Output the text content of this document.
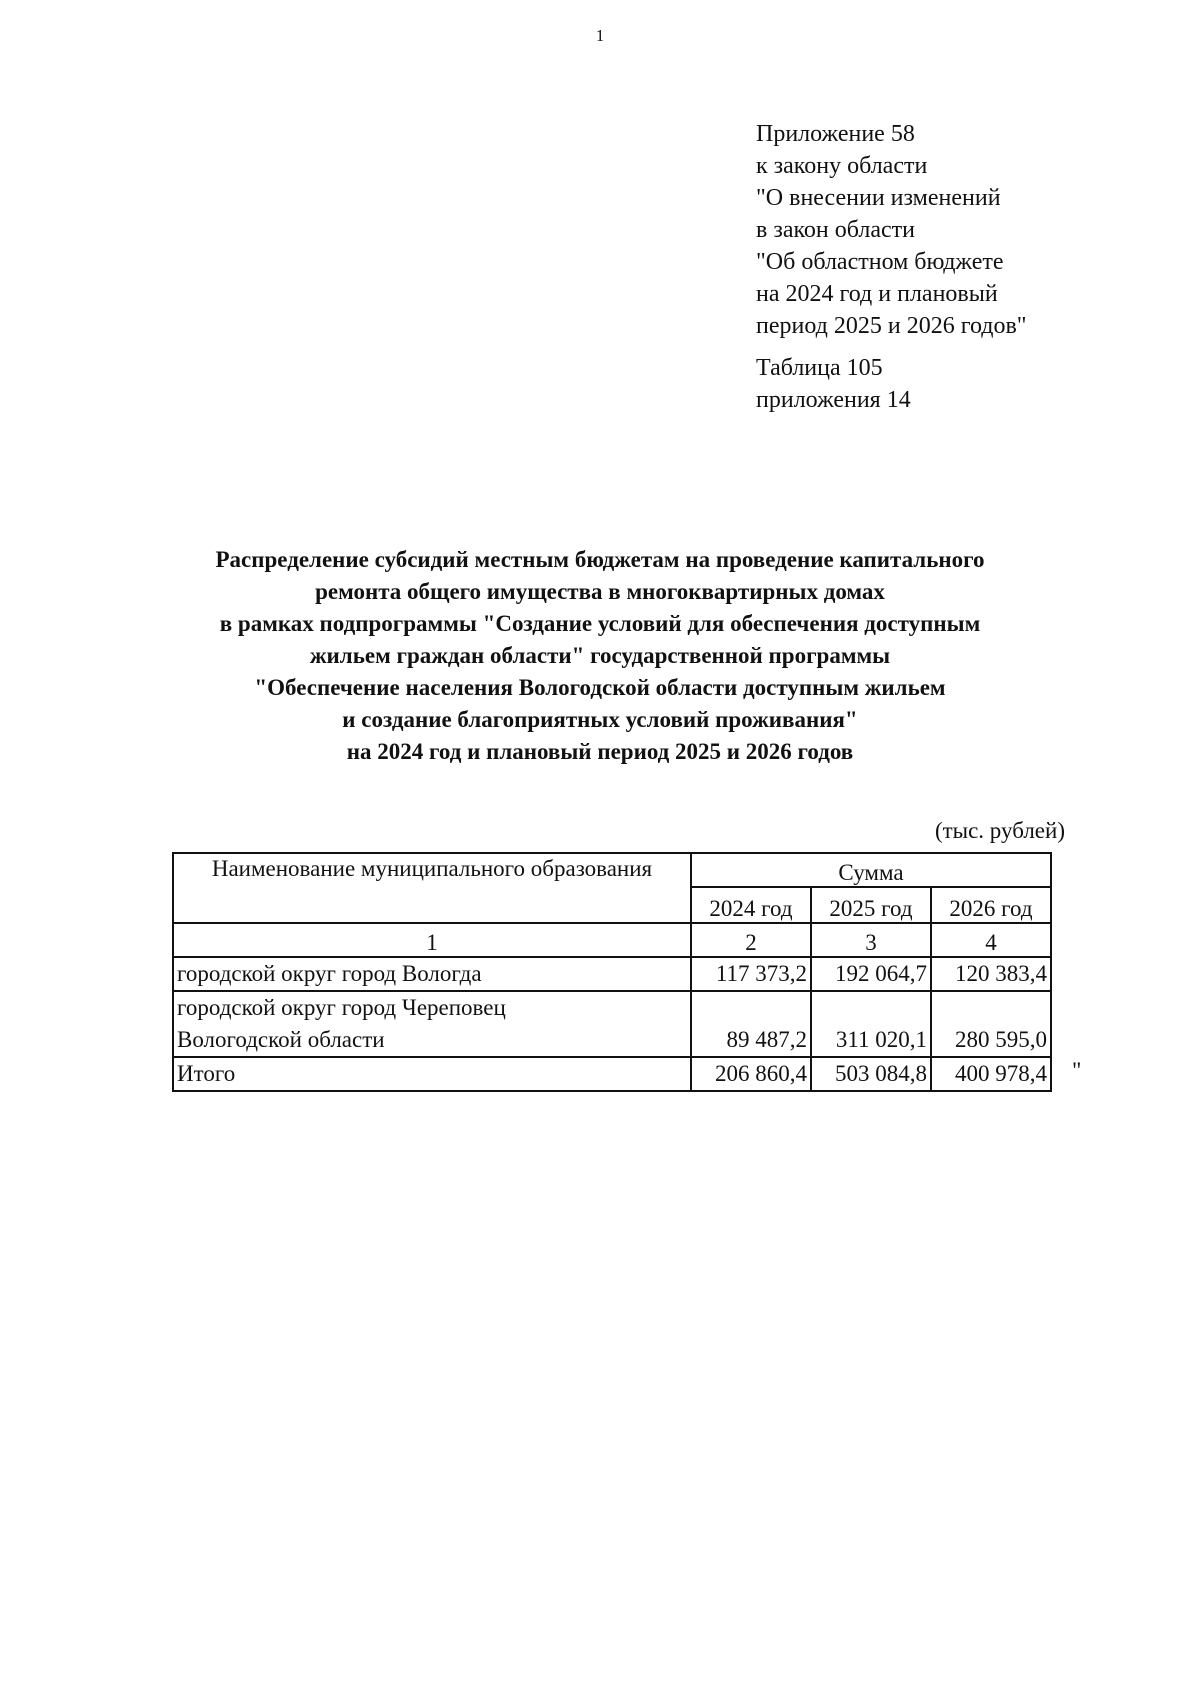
1
Приложение 58
к закону области
"О внесении изменений
в закон области
"Об областном бюджете
на 2024 год и плановый
период 2025 и 2026 годов"
Таблица 105
приложения 14
Распределение субсидий местным бюджетам на проведение капитального
ремонта общего имущества в многоквартирных домах
в рамках подпрограммы "Создание условий для обеспечения доступным
жильем граждан области" государственной программы
"Обеспечение населения Вологодской области доступным жильем
и создание благоприятных условий проживания"
на 2024 год и плановый период 2025 и 2026 годов
(тыс. рублей)
Наименование муниципального образования	Сумма		
	2024 год	2025 год	2026 год
1	2	3	4

городской округ город Вологда	117 373,2	192 064,7	120 383,4

городской округ город Череповец
Вологодской области	89 487,2	311 020,1	280 595,0
Итого	206 860,4	503 084,8	400 978,4 "
